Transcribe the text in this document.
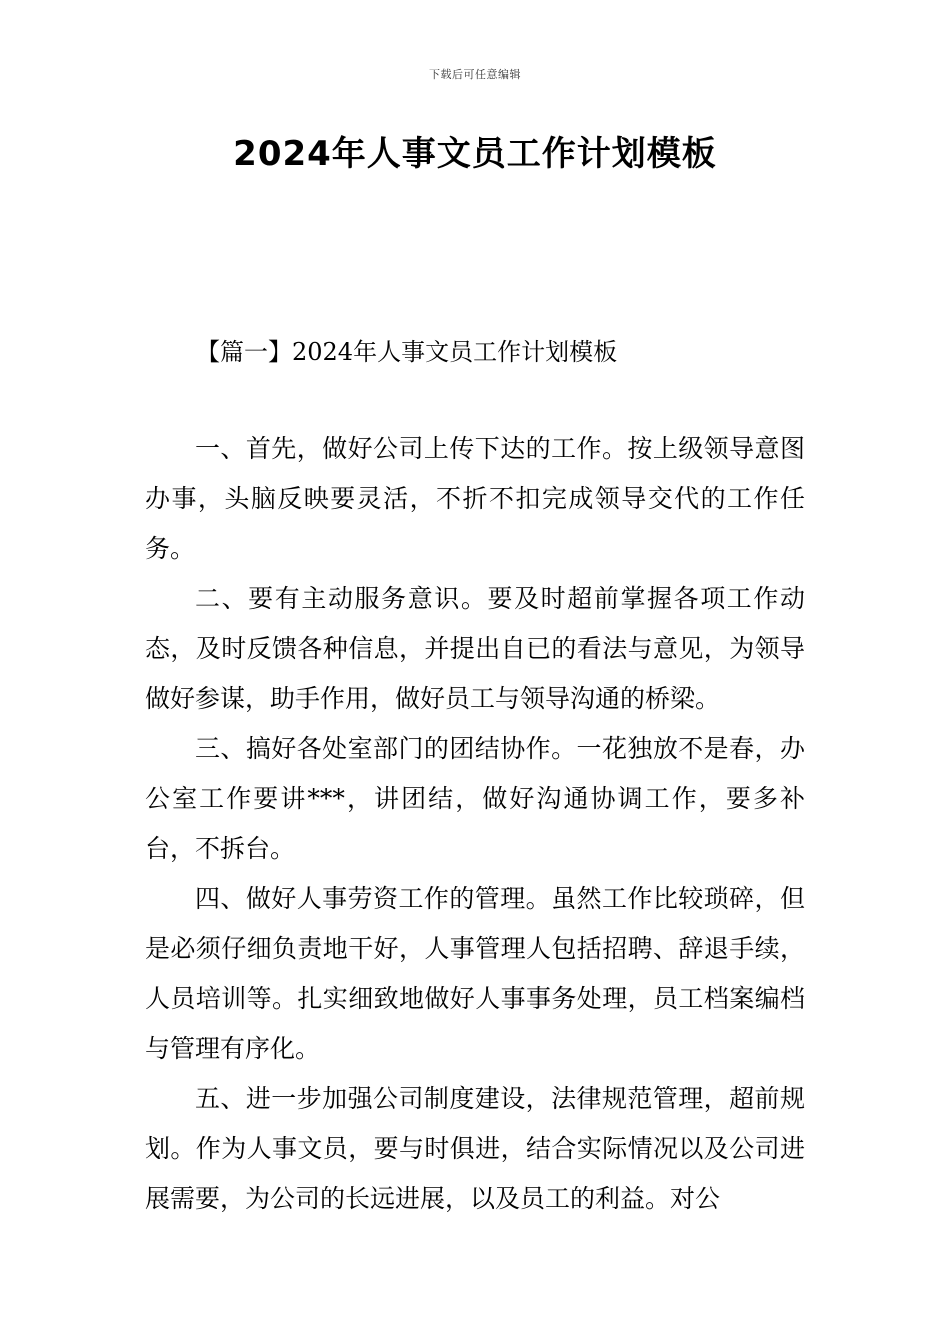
下载后可任意编辑
2024年人事文员工作计划模板
【篇一】2024年人事文员工作计划模板

一、首先，做好公司上传下达的工作。按上级领导意图办事，头脑反映要灵活，不折不扣完成领导交代的工作任务。

二、要有主动服务意识。要及时超前掌握各项工作动态，及时反馈各种信息，并提出自已的看法与意见，为领导做好参谋，助手作用，做好员工与领导沟通的桥梁。

三、搞好各处室部门的团结协作。一花独放不是春，办公室工作要讲***，讲团结，做好沟通协调工作，要多补台，不拆台。

四、做好人事劳资工作的管理。虽然工作比较琐碎，但是必须仔细负责地干好，人事管理人包括招聘、辞退手续，人员培训等。扎实细致地做好人事事务处理，员工档案编档与管理有序化。

五、进一步加强公司制度建设，法律规范管理，超前规划。作为人事文员，要与时俱进，结合实际情况以及公司进展需要，为公司的长远进展，以及员工的利益。对公
